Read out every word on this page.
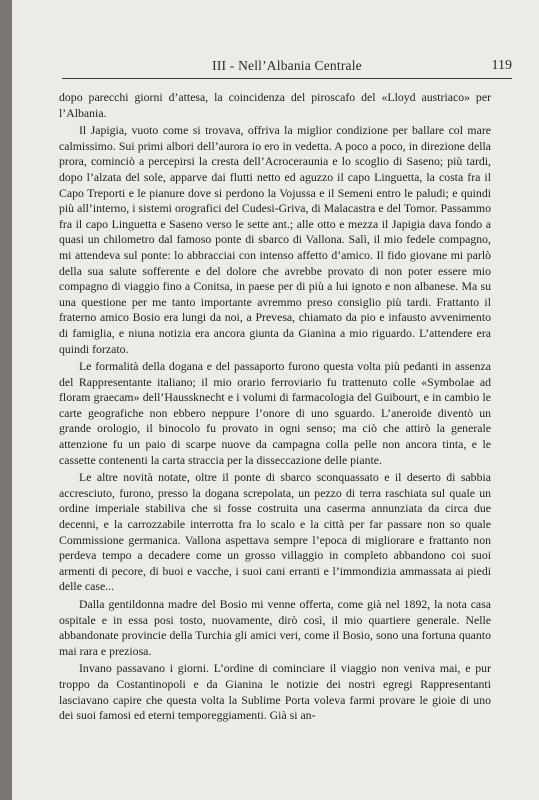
III - Nell’Albania Centrale	119

dopo parecchi giorni d’attesa, la coincidenza del piroscafo del «Lloyd austriaco» per l’Albania.

Il Japigia, vuoto come si trovava, offriva la miglior condizione per ballare col mare calmissimo. Sui primi albori dell’aurora io ero in vedetta. A poco a poco, in direzione della prora, cominciò a percepirsi la cresta dell’Acroceraunia e lo scoglio di Saseno; più tardi, dopo l’alzata del sole, apparve dai flutti netto ed aguzzo il capo Linguetta, la costa fra il Capo Treporti e le pianure dove si perdono la Vojussa e il Semeni entro le paludi; e quindi più all’interno, i sistemi orografici del Cudesi-Griva, di Malacastra e del Tomor. Passammo fra il capo Linguetta e Saseno verso le sette ant.; alle otto e mezza il Japigia dava fondo a quasi un chilometro dal famoso ponte di sbarco di Vallona. Salì, il mio fedele compagno, mi attendeva sul ponte: lo abbracciai con intenso affetto d’amico. Il fido giovane mi parlò della sua salute sofferente e del dolore che avrebbe provato di non poter essere mio compagno di viaggio fino a Conitsa, in paese per di più a lui ignoto e non albanese. Ma su una questione per me tanto importante avremmo preso consiglio più tardi. Frattanto il fraterno amico Bosio era lungi da noi, a Prevesa, chiamato da pio e infausto avvenimento di famiglia, e niuna notizia era ancora giunta da Gianina a mio riguardo. L’attendere era quindi forzato.

Le formalità della dogana e del passaporto furono questa volta più pedanti in assenza del Rappresentante italiano; il mio orario ferroviario fu trattenuto colle «Symbolae ad floram graecam» dell’Haussknecht e i volumi di farmacologia del Guibourt, e in cambio le carte geografiche non ebbero neppure l’onore di uno sguardo. L’aneroide diventò un grande orologio, il binocolo fu provato in ogni senso; ma ciò che attirò la generale attenzione fu un paio di scarpe nuove da campagna colla pelle non ancora tinta, e le cassette contenenti la carta straccia per la disseccazione delle piante.

Le altre novità notate, oltre il ponte di sbarco sconquassato e il deserto di sabbia accresciuto, furono, presso la dogana screpolata, un pezzo di terra raschiata sul quale un ordine imperiale stabiliva che si fosse costruita una casermа annunziata da circa due decenni, e la carrozzabile interrotta fra lo scalo e la città per far passare non so quale Commissione germanica. Vallona aspettava sempre l’epoca di migliorare e frattanto non perdeva tempo a decadere come un grosso villaggio in completo abbandono coi suoi armenti di pecore, di buoi e vacche, i suoi cani erranti e l’immondizia ammassata ai piedi delle case...

Dalla gentildonna madre del Bosio mi venne offerta, come già nel 1892, la nota casa ospitale e in essa posi tosto, nuovamente, dirò così, il mio quartiere generale. Nelle abbandonate provincie della Turchia gli amici veri, come il Bosio, sono una fortuna quanto mai rara e preziosa.

Invano passavano i giorni. L’ordine di cominciare il viaggio non veniva mai, e pur troppo da Costantinopoli e da Gianina le notizie dei nostri egregi Rappresentanti lasciavano capire che questa volta la Sublime Porta voleva farmi provare le gioie di uno dei suoi famosi ed eterni temporeggiamenti. Già si an-
